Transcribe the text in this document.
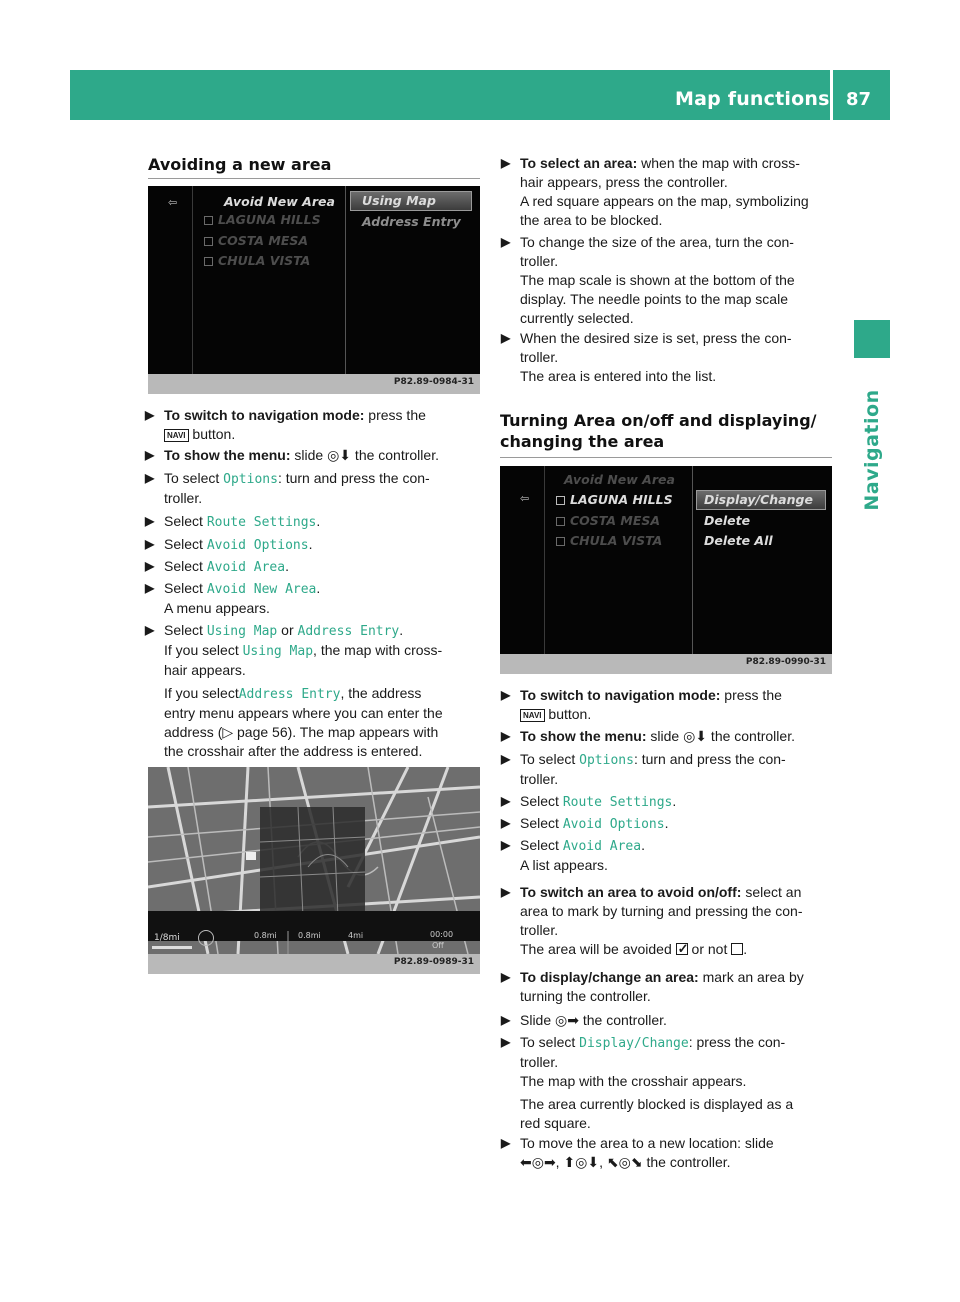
Map functions 87
Navigation
Avoiding a new area
⇦	Avoid New Area
LAGUNA HILLS
COSTA MESA
CHULA VISTA
Using Map
Address Entry
P82.89-0984-31
▶ To switch to navigation mode: press the
NAVI button.
▶ To show the menu: slide ◎⬇ the controller.
▶ To select Options: turn and press the con-
troller.
▶ Select Route Settings.
▶ Select Avoid Options.
▶ Select Avoid Area.
▶ Select Avoid New Area.
A menu appears.
▶ Select Using Map or Address Entry.
If you select Using Map, the map with cross-
hair appears.
If you selectAddress Entry, the address
entry menu appears where you can enter the
address (▷ page 56). The map appears with
the crosshair after the address is entered.
1/8mi	0.8mi	0.8mi	4mi	00:00
Off
P82.89-0989-31
▶ To select an area: when the map with cross-
hair appears, press the controller.
A red square appears on the map, symbolizing
the area to be blocked.
▶ To change the size of the area, turn the con-
troller.
The map scale is shown at the bottom of the
display. The needle points to the map scale
currently selected.
▶ When the desired size is set, press the con-
troller.
The area is entered into the list.
Turning Area on/off and displaying/
changing the area
⇦
Avoid New Area
LAGUNA HILLS
COSTA MESA
CHULA VISTA
Display/Change
Delete
Delete All
P82.89-0990-31
▶ To switch to navigation mode: press the
NAVI button.
▶ To show the menu: slide ◎⬇ the controller.
▶ To select Options: turn and press the con-
troller.
▶ Select Route Settings.
▶ Select Avoid Options.
▶ Select Avoid Area.
A list appears.
▶ To switch an area to avoid on/off: select an
area to mark by turning and pressing the con-
troller.
The area will be avoided ✓ or not .
▶ To display/change an area: mark an area by
turning the controller.
▶ Slide ◎➡ the controller.
▶ To select Display/Change: press the con-
troller.
The map with the crosshair appears.
The area currently blocked is displayed as a
red square.
▶ To move the area to a new location: slide
⬅◎➡, ⬆◎⬇, ⬉◎⬊ the controller.
